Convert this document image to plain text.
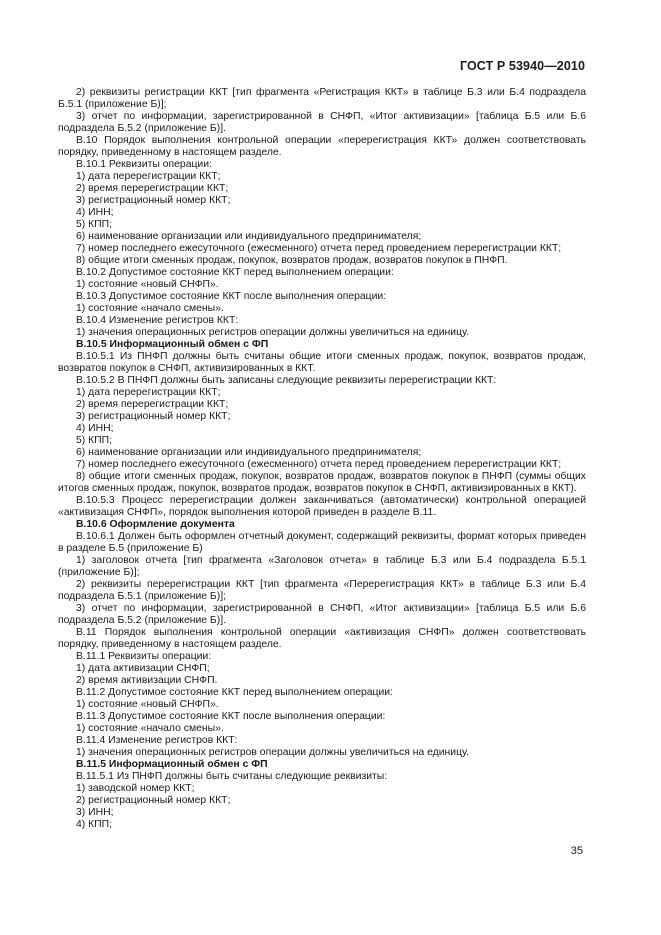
ГОСТ Р 53940—2010

2) реквизиты регистрации ККТ [тип фрагмента «Регистрация ККТ» в таблице Б.3 или Б.4 подраздела Б.5.1 (приложение Б)];

3) отчет по информации, зарегистрированной в СНФП, «Итог активизации» [таблица Б.5 или Б.6 подраздела Б.5.2 (приложение Б)].

В.10 Порядок выполнения контрольной операции «перерегистрация ККТ» должен соответствовать порядку, приведенному в настоящем разделе.

В.10.1 Реквизиты операции:

1) дата перерегистрации ККТ;

2) время перерегистрации ККТ;

3) регистрационный номер ККТ;

4) ИНН;

5) КПП;

6) наименование организации или индивидуального предпринимателя;

7) номер последнего ежесуточного (ежесменного) отчета перед проведением перерегистрации ККТ;

8) общие итоги сменных продаж, покупок, возвратов продаж, возвратов покупок в ПНФП.

В.10.2 Допустимое состояние ККТ перед выполнением операции:

1) состояние «новый СНФП».

В.10.3 Допустимое состояние ККТ после выполнения операции:

1) состояние «начало смены».

В.10.4 Изменение регистров ККТ:

1) значения операционных регистров операции должны увеличиться на единицу.

В.10.5 Информационный обмен с ФП

В.10.5.1 Из ПНФП должны быть считаны общие итоги сменных продаж, покупок, возвратов продаж, возвратов покупок в СНФП, активизированных в ККТ.

В.10.5.2 В ПНФП должны быть записаны следующие реквизиты перерегистрации ККТ:

1) дата перерегистрации ККТ;

2) время перерегистрации ККТ;

3) регистрационный номер ККТ;

4) ИНН;

5) КПП;

6) наименование организации или индивидуального предпринимателя;

7) номер последнего ежесуточного (ежесменного) отчета перед проведением перерегистрации ККТ;

8) общие итоги сменных продаж, покупок, возвратов продаж, возвратов покупок в ПНФП (суммы общих итогов сменных продаж, покупок, возвратов продаж, возвратов покупок в СНФП, активизированных в ККТ).

В.10.5.3 Процесс перерегистрации должен заканчиваться (автоматически) контрольной операцией «активизация СНФП», порядок выполнения которой приведен в разделе В.11.

В.10.6 Оформление документа

В.10.6.1 Должен быть оформлен отчетный документ, содержащий реквизиты, формат которых приведен в разделе Б.5 (приложение Б)

1) заголовок отчета [тип фрагмента «Заголовок отчета» в таблице Б.3 или Б.4 подраздела Б.5.1 (приложение Б)];

2) реквизиты перерегистрации ККТ [тип фрагмента «Перерегистрация ККТ» в таблице Б.3 или Б.4 подраздела Б.5.1 (приложение Б)];

3) отчет по информации, зарегистрированной в СНФП, «Итог активизации» [таблица Б.5 или Б.6 подраздела Б.5.2 (приложение Б)].

В.11 Порядок выполнения контрольной операции «активизация СНФП» должен соответствовать порядку, приведенному в настоящем разделе.

В.11.1 Реквизиты операции:

1) дата активизации СНФП;

2) время активизации СНФП.

В.11.2 Допустимое состояние ККТ перед выполнением операции:

1) состояние «новый СНФП».

В.11.3 Допустимое состояние ККТ после выполнения операции:

1) состояние «начало смены».

В.11.4 Изменение регистров ККТ:

1) значения операционных регистров операции должны увеличиться на единицу.

В.11.5 Информационный обмен с ФП

В.11.5.1 Из ПНФП должны быть считаны следующие реквизиты:

1) заводской номер ККТ;

2) регистрационный номер ККТ;

3) ИНН;

4) КПП;

35
